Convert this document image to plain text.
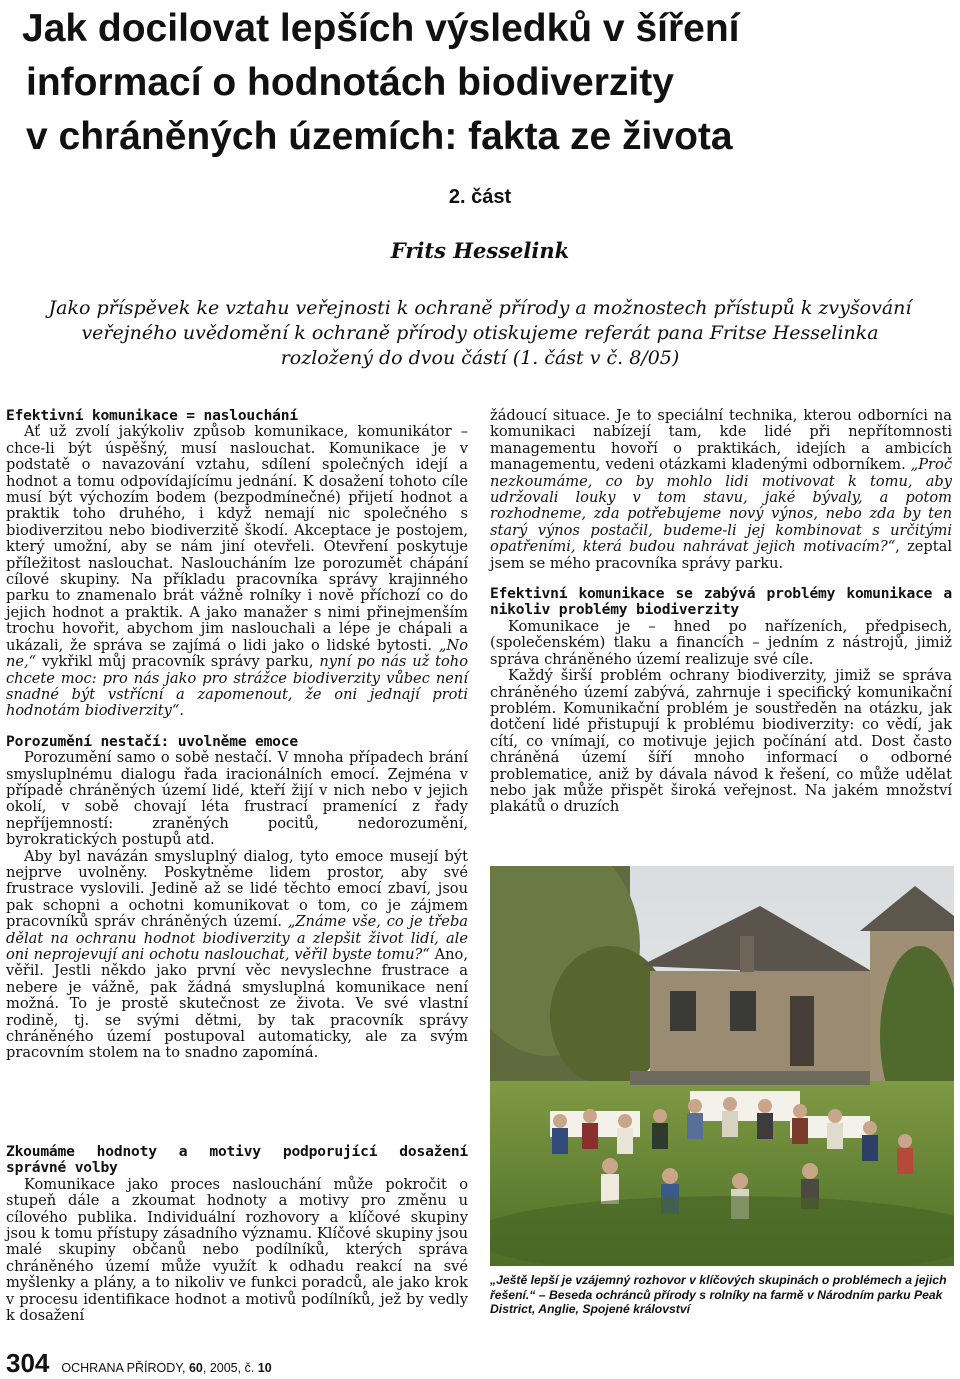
Jak docilovat lepších výsledků v šíření
informací o hodnotách biodiverzity
v chráněných územích: fakta ze života
2. část
Frits Hesselink
Jako příspěvek ke vztahu veřejnosti k ochraně přírody a možnostech přístupů k zvyšování veřejného uvědomění k ochraně přírody otiskujeme referát pana Fritse Hesselinka rozložený do dvou částí (1. část v č. 8/05)
Efektivní komunikace = naslouchání

Ať už zvolí jakýkoliv způsob komunikace, komunikátor – chce-li být úspěšný, musí naslouchat. Komunikace je v podstatě o navazování vztahu, sdílení společných idejí a hodnot a tomu odpovídajícímu jednání. K dosažení tohoto cíle musí být výchozím bodem (bezpodmínečné) přijetí hodnot a praktik toho druhého, i když nemají nic společného s biodiverzitou nebo biodiverzitě škodí. Akceptace je postojem, který umožní, aby se nám jiní otevřeli. Otevření poskytuje příležitost naslouchat. Nasloucháním lze porozumět chápání cílové skupiny. Na příkladu pracovníka správy krajinného parku to znamenalo brát vážně rolníky i nově příchozí co do jejich hodnot a praktik. A jako manažer s nimi přinejmenším trochu hovořit, abychom jim naslouchali a lépe je chápali a ukázali, že správa se zajímá o lidi jako o lidské bytosti. „No ne,“ vykřikl můj pracovník správy parku, nyní po nás už toho chcete moc: pro nás jako pro strážce biodiverzity vůbec není snadné být vstřícní a zapomenout, že oni jednají proti hodnotám biodiverzity“.

Porozumění nestačí: uvolněme emoce

Porozumění samo o sobě nestačí. V mnoha případech brání smysluplnému dialogu řada iracionálních emocí. Zejména v případě chráněných území lidé, kteří žijí v nich nebo v jejich okolí, v sobě chovají léta frustrací pramenící z řady nepříjemností: zraněných pocitů, nedorozumění, byrokratických postupů atd.

Aby byl navázán smysluplný dialog, tyto emoce musejí být nejprve uvolněny. Poskytněme lidem prostor, aby své frustrace vyslovili. Jedině až se lidé těchto emocí zbaví, jsou pak schopni a ochotni komunikovat o tom, co je zájmem pracovníků správ chráněných území. „Známe vše, co je třeba dělat na ochranu hodnot biodiverzity a zlepšit život lidí, ale oni neprojevují ani ochotu naslouchat, věřil byste tomu?“ Ano, věřil. Jestli někdo jako první věc nevyslechne frustrace a nebere je vážně, pak žádná smysluplná komunikace není možná. To je prostě skutečnost ze života. Ve své vlastní rodině, tj. se svými dětmi, by tak pracovník správy chráněného území postupoval automaticky, ale za svým pracovním stolem na to snadno zapomíná.

Zkoumáme hodnoty a motivy podporující dosažení správné volby

Komunikace jako proces naslouchání může pokročit o stupeň dále a zkoumat hodnoty a motivy pro změnu u cílového publika. Individuální rozhovory a klíčové skupiny jsou k tomu přístupy zásadního významu. Klíčové skupiny jsou malé skupiny občanů nebo podílníků, kterých správa chráněného území může využít k odhadu reakcí na své myšlenky a plány, a to nikoliv ve funkci poradců, ale jako krok v procesu identifikace hodnot a motivů podílníků, jež by vedly k dosažení

žádoucí situace. Je to speciální technika, kterou odborníci na komunikaci nabízejí tam, kde lidé při nepřítomnosti managementu hovoří o praktikách, idejích a ambicích managementu, vedeni otázkami kladenými odborníkem. „Proč nezkoumáme, co by mohlo lidi motivovat k tomu, aby udržovali louky v tom stavu, jaké bývaly, a potom rozhodneme, zda potřebujeme nový výnos, nebo zda by ten starý výnos postačil, budeme-li jej kombinovat s určitými opatřeními, která budou nahrávat jejich motivacím?“, zeptal jsem se mého pracovníka správy parku.

Efektivní komunikace se zabývá problémy komunikace a nikoliv problémy biodiverzity

Komunikace je – hned po nařízeních, předpisech, (společenském) tlaku a financích – jedním z nástrojů, jimiž správa chráněného území realizuje své cíle.

Každý širší problém ochrany biodiverzity, jimiž se správa chráněného území zabývá, zahrnuje i specifický komunikační problém. Komunikační problém je soustředěn na otázku, jak dotčení lidé přistupují k problému biodiverzity: co vědí, jak cítí, co vnímají, co motivuje jejich počínání atd. Dost často chráněná území šíří mnoho informací o odborné problematice, aniž by dávala návod k řešení, co může udělat nebo jak může přispět široká veřejnost. Na jakém množství plakátů o druzích

„Ještě lepší je vzájemný rozhovor v klíčových skupinách o problémech a jejich řešení.“ – Beseda ochránců přírody s rolníky na farmě v Národním parku Peak District, Anglie, Spojené království
304 OCHRANA PŘÍRODY, 60, 2005, č. 10
